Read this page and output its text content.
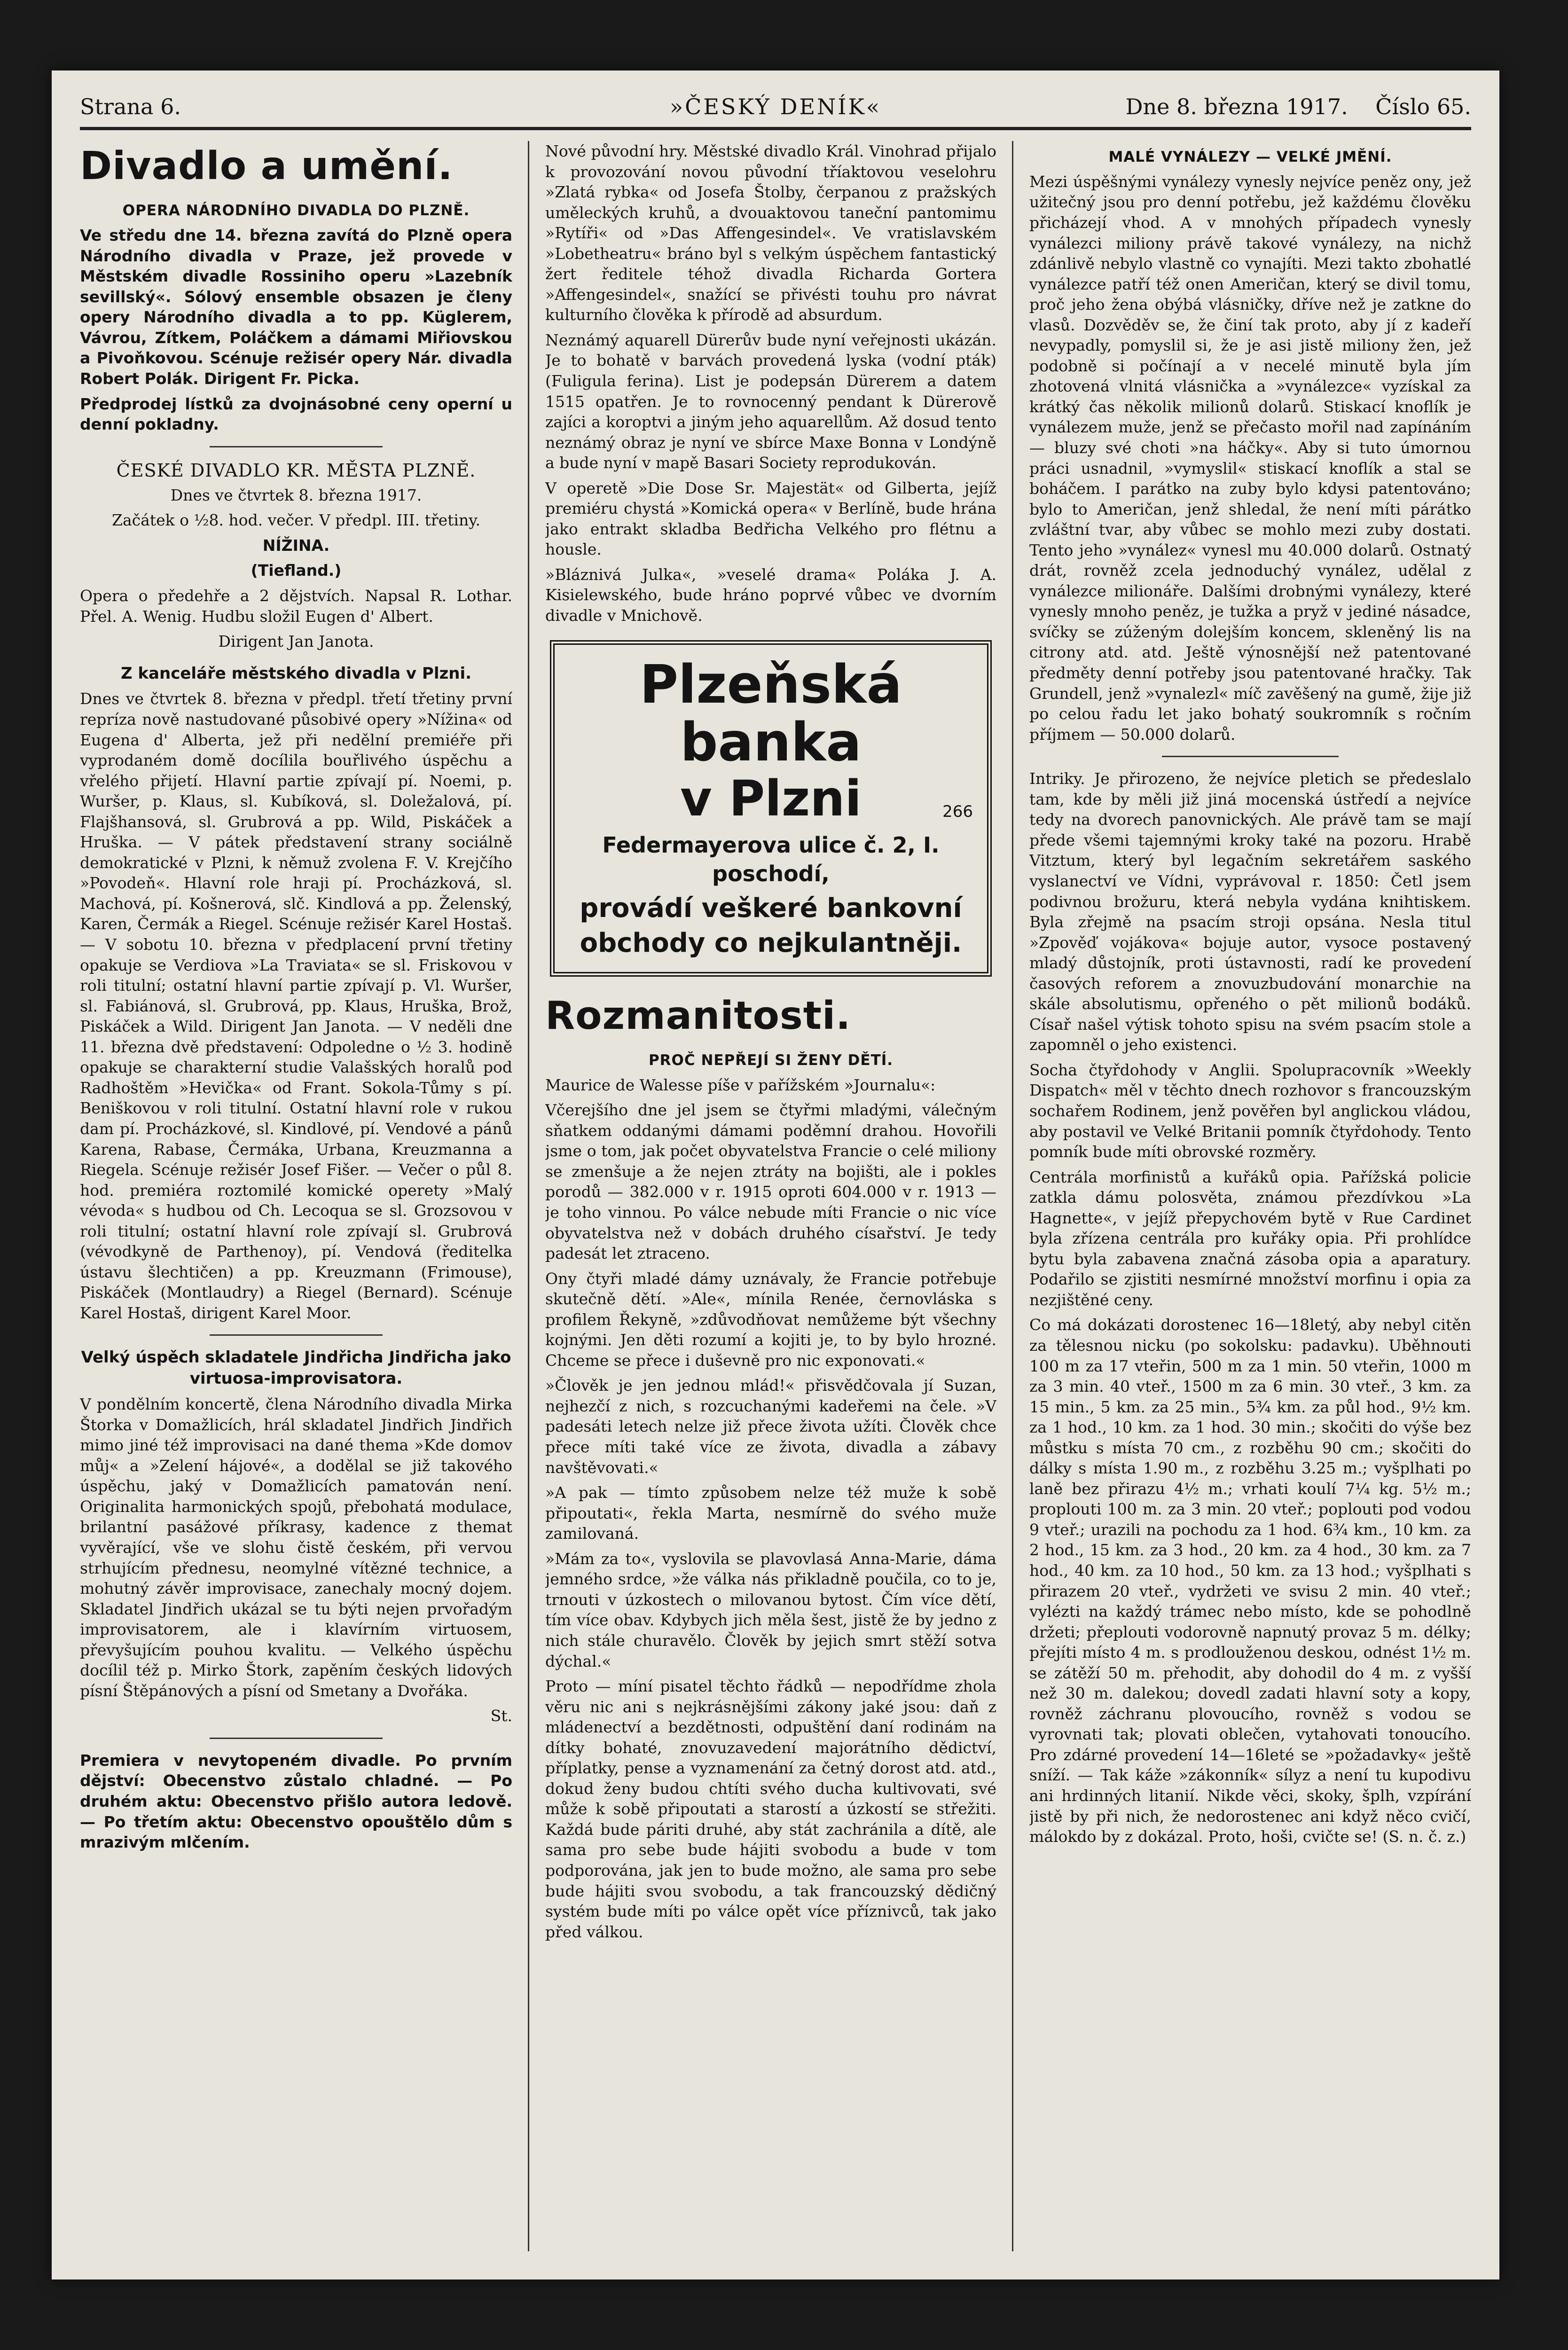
Strana 6.	»ČESKÝ DENÍK«	Dne 8. března 1917. Číslo 65.
Divadlo a umění.
OPERA NÁRODNÍHO DIVADLA DO PLZNĚ.

Ve středu dne 14. března zavítá do Plzně opera Národního divadla v Praze, jež provede v Městském divadle Rossiniho operu »Lazebník sevillský«. Sólový ensemble obsazen je členy opery Národního divadla a to pp. Küglerem, Vávrou, Zítkem, Poláčkem a dámami Miřiovskou a Pivoňkovou. Scénuje režisér opery Nár. divadla Robert Polák. Dirigent Fr. Picka.

Předprodej lístků za dvojnásobné ceny operní u denní pokladny.

ČESKÉ DIVADLO KR. MĚSTA PLZNĚ.

Dnes ve čtvrtek 8. března 1917.

Začátek o ½8. hod. večer. V předpl. III. třetiny.

NÍŽINA.

(Tiefland.)

Opera o předehře a 2 dějstvích. Napsal R. Lothar. Přel. A. Wenig. Hudbu složil Eugen d' Albert.

Dirigent Jan Janota.

Z kanceláře městského divadla v Plzni.

Dnes ve čtvrtek 8. března v předpl. třetí třetiny první repríza nově nastudované působivé opery »Nížina« od Eugena d' Alberta, jež při nedělní premiéře při vyprodaném domě docílila bouřlivého úspěchu a vřelého přijetí. Hlavní partie zpívají pí. Noemi, p. Wuršer, p. Klaus, sl. Kubíková, sl. Doležalová, pí. Flajšhansová, sl. Grubrová a pp. Wild, Piskáček a Hruška. — V pátek představení strany sociálně demokratické v Plzni, k němuž zvolena F. V. Krejčího »Povodeň«. Hlavní role hraji pí. Procházková, sl. Machová, pí. Košnerová, slč. Kindlová a pp. Želenský, Karen, Čermák a Riegel. Scénuje režisér Karel Hostaš. — V sobotu 10. března v předplacení první třetiny opakuje se Verdiova »La Traviata« se sl. Friskovou v roli titulní; ostatní hlavní partie zpívají p. Vl. Wuršer, sl. Fabiánová, sl. Grubrová, pp. Klaus, Hruška, Brož, Piskáček a Wild. Dirigent Jan Janota. — V neděli dne 11. března dvě představení: Odpoledne o ½ 3. hodině opakuje se charakterní studie Valašských horalů pod Radhoštěm »Hevička« od Frant. Sokola-Tůmy s pí. Beniškovou v roli titulní. Ostatní hlavní role v rukou dam pí. Procházkové, sl. Kindlové, pí. Vendové a pánů Karena, Rabase, Čermáka, Urbana, Kreuzmanna a Riegela. Scénuje režisér Josef Fišer. — Večer o půl 8. hod. premiéra roztomilé komické operety »Malý vévoda« s hudbou od Ch. Lecoqua se sl. Grozsovou v roli titulní; ostatní hlavní role zpívají sl. Grubrová (vévodkyně de Parthenoy), pí. Vendová (ředitelka ústavu šlechtičen) a pp. Kreuzmann (Frimouse), Piskáček (Montlaudry) a Riegel (Bernard). Scénuje Karel Hostaš, dirigent Karel Moor.

Velký úspěch skladatele Jindřicha Jindřicha jako virtuosa-improvisatora.

V pondělním koncertě, člena Národního divadla Mirka Štorka v Domažlicích, hrál skladatel Jindřich Jindřich mimo jiné též improvisaci na dané thema »Kde domov můj« a »Zelení hájové«, a dodělal se již takového úspěchu, jaký v Domažlicích pamatován není. Originalita harmonických spojů, přebohatá modulace, brilantní pasážové příkrasy, kadence z themat vyvěrající, vše ve slohu čistě českém, při vervou strhujícím přednesu, neomylné vítězné technice, a mohutný závěr improvisace, zanechaly mocný dojem. Skladatel Jindřich ukázal se tu býti nejen prvořadým improvisatorem, ale i klavírním virtuosem, převyšujícím pouhou kvalitu. — Velkého úspěchu docílil též p. Mirko Štork, zapěním českých lidových písní Štěpánových a písní od Smetany a Dvořáka.

St.

Premiera v nevytopeném divadle. Po prvním dějství: Obecenstvo zůstalo chladné. — Po druhém aktu: Obecenstvo přišlo autora ledově. — Po třetím aktu: Obecenstvo opouštělo dům s mrazivým mlčením.

Nové původní hry. Městské divadlo Král. Vinohrad přijalo k provozování novou původní tříaktovou veselohru »Zlatá rybka« od Josefa Štolby, čerpanou z pražských uměleckých kruhů, a dvouaktovou taneční pantomimu »Rytíři« od »Das Affengesindel«. Ve vratislavském »Lobetheatru« bráno byl s velkým úspěchem fantastický žert ředitele téhož divadla Richarda Gortera »Affengesindel«, snažící se přivésti touhu pro návrat kulturního člověka k přírodě ad absurdum.

Neznámý aquarell Dürerův bude nyní veřejnosti ukázán. Je to bohatě v barvách provedená lyska (vodní pták) (Fuligula ferina). List je podepsán Dürerem a datem 1515 opatřen. Je to rovnocenný pendant k Dürerově zajíci a koroptvi a jiným jeho aquarellům. Až dosud tento neznámý obraz je nyní ve sbírce Maxe Bonna v Londýně a bude nyní v mapě Basari Society reprodukován.

V operetě »Die Dose Sr. Majestät« od Gilberta, jejíž premiéru chystá »Komická opera« v Berlíně, bude hrána jako entrakt skladba Bedřicha Velkého pro flétnu a housle.

»Bláznivá Julka«, »veselé drama« Poláka J. A. Kisielewského, bude hráno poprvé vůbec ve dvorním divadle v Mnichově.

Plzeňská banka
v Plzni	266
Federmayerova ulice č. 2, I. poschodí,
provádí veškeré bankovní
obchody co nejkulantněji.
Rozmanitosti.
PROČ NEPŘEJÍ SI ŽENY DĚTÍ.

Maurice de Walesse píše v pařížském »Journalu«:

Včerejšího dne jel jsem se čtyřmi mladými, válečným sňatkem oddanými dámami poděmní drahou. Hovořili jsme o tom, jak počet obyvatelstva Francie o celé miliony se zmenšuje a že nejen ztráty na bojišti, ale i pokles porodů — 382.000 v r. 1915 oproti 604.000 v r. 1913 — je toho vinnou. Po válce nebude míti Francie o nic více obyvatelstva než v dobách druhého císařství. Je tedy padesát let ztraceno.

Ony čtyři mladé dámy uznávaly, že Francie potřebuje skutečně dětí. »Ale«, mínila Renée, černovláska s profilem Řekyně, »zdůvodňovat nemůžeme být všechny kojnými. Jen děti rozumí a kojiti je, to by bylo hrozné. Chceme se přece i duševně pro nic exponovati.«

»Člověk je jen jednou mlád!« přisvědčovala jí Suzan, nejhezčí z nich, s rozcuchanými kadeřemi na čele. »V padesáti letech nelze již přece života užíti. Člověk chce přece míti také více ze života, divadla a zábavy navštěvovati.«

»A pak — tímto způsobem nelze též muže k sobě připoutati«, řekla Marta, nesmírně do svého muže zamilovaná.

»Mám za to«, vyslovila se plavovlasá Anna-Marie, dáma jemného srdce, »že válka nás přikladně poučila, co to je, trnouti v úzkostech o milovanou bytost. Čím více dětí, tím více obav. Kdybych jich měla šest, jistě že by jedno z nich stále churavělo. Člověk by jejich smrt stěží sotva dýchal.«

Proto — míní pisatel těchto řádků — nepodřídme zhola věru nic ani s nejkrásnějšími zákony jaké jsou: daň z mládenectví a bezdětnosti, odpuštění daní rodinám na dítky bohaté, znovuzavedení majorátního dědictví, příplatky, pense a vyznamenání za četný dorost atd. atd., dokud ženy budou chtíti svého ducha kultivovati, své může k sobě připoutati a starostí a úzkostí se střežiti. Každá bude páriti druhé, aby stát zachránila a dítě, ale sama pro sebe bude hájiti svobodu a bude v tom podporována, jak jen to bude možno, ale sama pro sebe bude hájiti svou svobodu, a tak francouzský dědičný systém bude míti po válce opět více příznivců, tak jako před válkou.

MALÉ VYNÁLEZY — VELKÉ JMĚNÍ.

Mezi úspěšnými vynálezy vynesly nejvíce peněz ony, jež užitečný jsou pro denní potřebu, jež každému člověku přicházejí vhod. A v mnohých případech vynesly vynálezci miliony právě takové vynálezy, na nichž zdánlivě nebylo vlastně co vynajíti. Mezi takto zbohatlé vynálezce patří též onen Američan, který se divil tomu, proč jeho žena obýbá vlásničky, dříve než je zatkne do vlasů. Dozvěděv se, že činí tak proto, aby jí z kadeří nevypadly, pomyslil si, že je asi jistě miliony žen, jež podobně si počínají a v necelé minutě byla jím zhotovená vlnitá vlásnička a »vynálezce« vyzískal za krátký čas několik milionů dolarů. Stiskací knoflík je vynálezem muže, jenž se přečasto mořil nad zapínáním — bluzy své choti »na háčky«. Aby si tuto úmornou práci usnadnil, »vymyslil« stiskací knoflík a stal se boháčem. I parátko na zuby bylo kdysi patentováno; bylo to Američan, jenž shledal, že není míti párátko zvláštní tvar, aby vůbec se mohlo mezi zuby dostati. Tento jeho »vynález« vynesl mu 40.000 dolarů. Ostnatý drát, rovněž zcela jednoduchý vynález, udělal z vynálezce milionáře. Dalšími drobnými vynálezy, které vynesly mnoho peněz, je tužka a pryž v jediné násadce, svíčky se zúženým dolejším koncem, skleněný lis na citrony atd. atd. Ještě výnosnější než patentované předměty denní potřeby jsou patentované hračky. Tak Grundell, jenž »vynalezl« míč zavěšený na gumě, žije již po celou řadu let jako bohatý soukromník s ročním příjmem — 50.000 dolarů.

Intriky. Je přirozeno, že nejvíce pletich se předeslalo tam, kde by měli již jiná mocenská ústředí a nejvíce tedy na dvorech panovnických. Ale právě tam se mají přede všemi tajemnými kroky také na pozoru. Hrabě Vitztum, který byl legačním sekretářem saského vyslanectví ve Vídni, vyprávoval r. 1850: Četl jsem podivnou brožuru, která nebyla vydána knihtiskem. Byla zřejmě na psacím stroji opsána. Nesla titul »Zpověď vojákova« bojuje autor, vysoce postavený mladý důstojník, proti ústavnosti, radí ke provedení časových reforem a znovuzbudování monarchie na skále absolutismu, opřeného o pět milionů bodáků. Císař našel výtisk tohoto spisu na svém psacím stole a zapomněl o jeho existenci.

Socha čtyřdohody v Anglii. Spolupracovník »Weekly Dispatch« měl v těchto dnech rozhovor s francouzským sochařem Rodinem, jenž pověřen byl anglickou vládou, aby postavil ve Velké Britanii pomník čtyřdohody. Tento pomník bude míti obrovské rozměry.

Centrála morfinistů a kuřáků opia. Pařížská policie zatkla dámu polosvěta, známou přezdívkou »La Hagnette«, v jejíž přepychovém bytě v Rue Cardinet byla zřízena centrála pro kuřáky opia. Při prohlídce bytu byla zabavena značná zásoba opia a aparatury. Podařilo se zjistiti nesmírné množství morfinu i opia za nezjištěné ceny.

Co má dokázati dorostenec 16—18letý, aby nebyl citěn za tělesnou nicku (po sokolsku: padavku). Uběhnouti 100 m za 17 vteřin, 500 m za 1 min. 50 vteřin, 1000 m za 3 min. 40 vteř., 1500 m za 6 min. 30 vteř., 3 km. za 15 min., 5 km. za 25 min., 5¾ km. za půl hod., 9½ km. za 1 hod., 10 km. za 1 hod. 30 min.; skočiti do výše bez můstku s místa 70 cm., z rozběhu 90 cm.; skočiti do dálky s místa 1.90 m., z rozběhu 3.25 m.; vyšplhati po laně bez přirazu 4½ m.; vrhati koulí 7¼ kg. 5½ m.; proplouti 100 m. za 3 min. 20 vteř.; poplouti pod vodou 9 vteř.; urazili na pochodu za 1 hod. 6¾ km., 10 km. za 2 hod., 15 km. za 3 hod., 20 km. za 4 hod., 30 km. za 7 hod., 40 km. za 10 hod., 50 km. za 13 hod.; vyšplhati s přirazem 20 vteř., vydržeti ve svisu 2 min. 40 vteř.; vylézti na každý trámec nebo místo, kde se pohodlně držeti; přeplouti vodorovně napnutý provaz 5 m. délky; přejíti místo 4 m. s prodlouženou deskou, odnést 1½ m. se zátěží 50 m. přehodit, aby dohodil do 4 m. z vyšší než 30 m. dalekou; dovedl zadati hlavní soty a kopy, rovněž záchranu plovoucího, rovněž s vodou se vyrovnati tak; plovati oblečen, vytahovati tonoucího. Pro zdárné provedení 14—16leté se »požadavky« ještě sníží. — Tak káže »zákonník« sílyz a není tu kupodivu ani hrdinných litanií. Nikde věci, skoky, šplh, vzpírání jistě by při nich, že nedorostenec ani když něco cvičí, málokdo by z dokázal. Proto, hoši, cvičte se! (S. n. č. z.)
